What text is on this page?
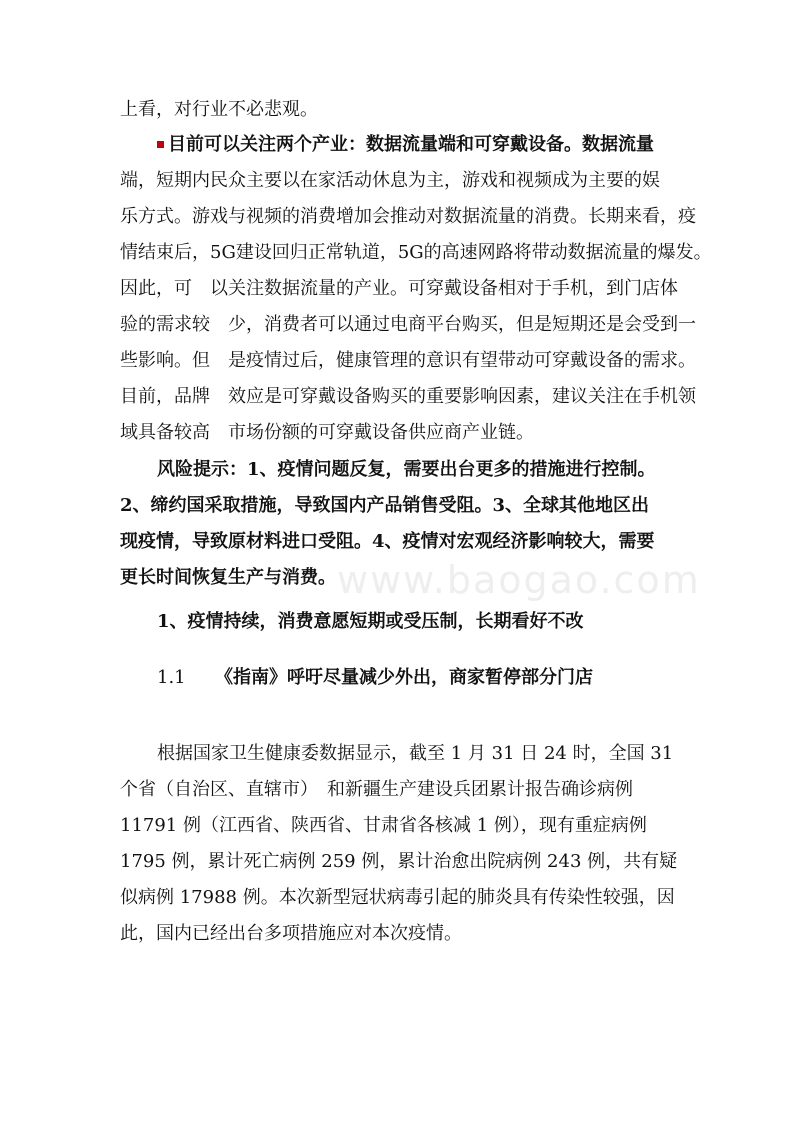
上看，对行业不必悲观。
目前可以关注两个产业：数据流量端和可穿戴设备。数据流量
端，短期内民众主要以在家活动休息为主，游戏和视频成为主要的娱
乐方式。游戏与视频的消费增加会推动对数据流量的消费。长期来看，疫
情结束后，5G建设回归正常轨道，5G的高速网路将带动数据流量的爆发。
因此，可　以关注数据流量的产业。可穿戴设备相对于手机，到门店体
验的需求较　少，消费者可以通过电商平台购买，但是短期还是会受到一
些影响。但　是疫情过后，健康管理的意识有望带动可穿戴设备的需求。
目前，品牌　效应是可穿戴设备购买的重要影响因素，建议关注在手机领
域具备较高　市场份额的可穿戴设备供应商产业链。
风险提示：1、疫情问题反复，需要出台更多的措施进行控制。
2、缔约国采取措施，导致国内产品销售受阻。3、全球其他地区出
现疫情，导致原材料进口受阻。4、疫情对宏观经济影响较大，需要
更长时间恢复生产与消费。
1、疫情持续，消费意愿短期或受压制，长期看好不改
1.1 《指南》呼吁尽量减少外出，商家暂停部分门店
根据国家卫生健康委数据显示，截至 1 月 31 日 24 时，全国 31
个省（自治区、直辖市）　和新疆生产建设兵团累计报告确诊病例
11791 例（江西省、陕西省、甘肃省各核减 1 例），现有重症病例
1795 例，累计死亡病例 259 例，累计治愈出院病例 243 例，共有疑
似病例 17988 例。本次新型冠状病毒引起的肺炎具有传染性较强，因
此，国内已经出台多项措施应对本次疫情。
www.baogao.com
